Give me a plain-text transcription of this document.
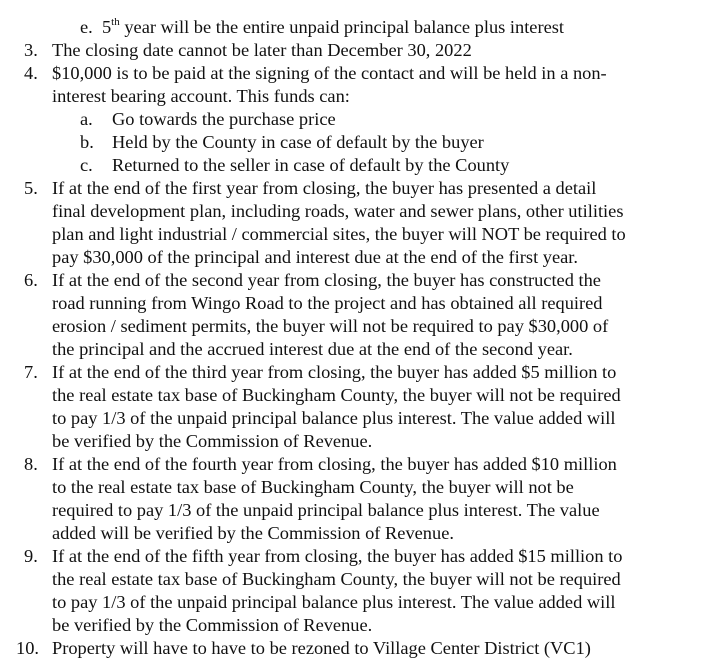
e. 5th year will be the entire unpaid principal balance plus interest
3. The closing date cannot be later than December 30, 2022
4. $10,000 is to be paid at the signing of the contact and will be held in a non-
interest bearing account. This funds can:
a. Go towards the purchase price
b. Held by the County in case of default by the buyer
c. Returned to the seller in case of default by the County
5. If at the end of the first year from closing, the buyer has presented a detail
final development plan, including roads, water and sewer plans, other utilities
plan and light industrial / commercial sites, the buyer will NOT be required to
pay $30,000 of the principal and interest due at the end of the first year.
6. If at the end of the second year from closing, the buyer has constructed the
road running from Wingo Road to the project and has obtained all required
erosion / sediment permits, the buyer will not be required to pay $30,000 of
the principal and the accrued interest due at the end of the second year.
7. If at the end of the third year from closing, the buyer has added $5 million to
the real estate tax base of Buckingham County, the buyer will not be required
to pay 1/3 of the unpaid principal balance plus interest. The value added will
be verified by the Commission of Revenue.
8. If at the end of the fourth year from closing, the buyer has added $10 million
to the real estate tax base of Buckingham County, the buyer will not be
required to pay 1/3 of the unpaid principal balance plus interest. The value
added will be verified by the Commission of Revenue.
9. If at the end of the fifth year from closing, the buyer has added $15 million to
the real estate tax base of Buckingham County, the buyer will not be required
to pay 1/3 of the unpaid principal balance plus interest. The value added will
be verified by the Commission of Revenue.
10. Property will have to have to be rezoned to Village Center District (VC1)
